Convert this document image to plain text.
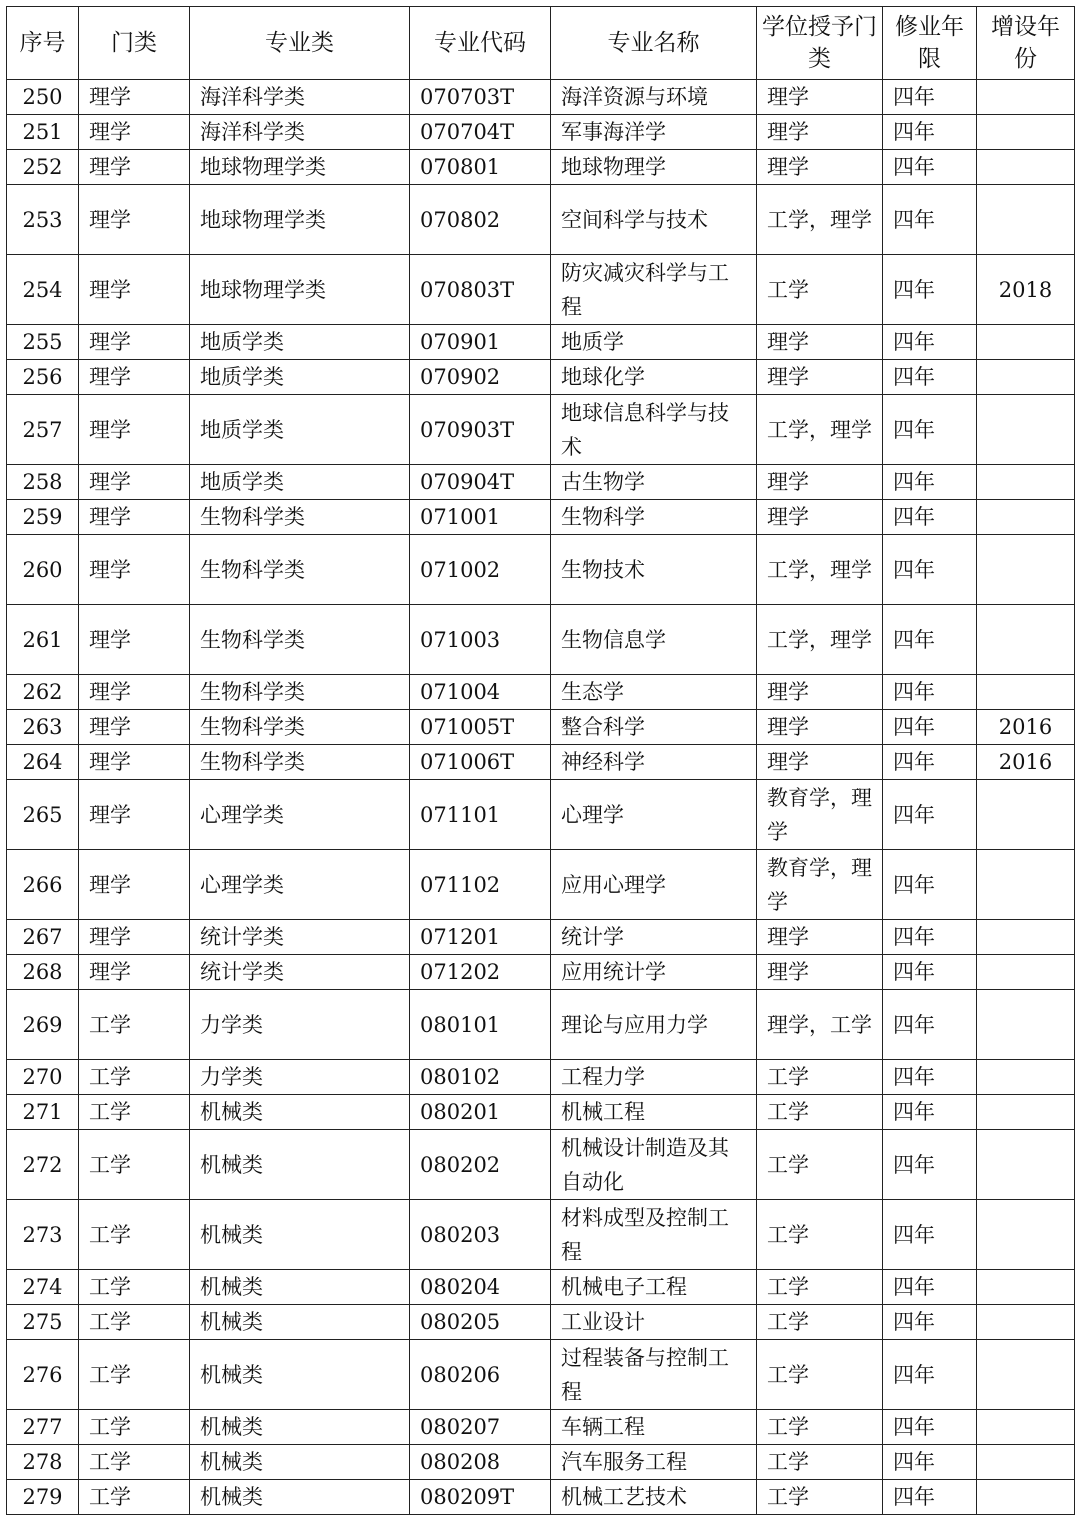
序号	门类	专业类	专业代码	专业名称	学位授予门类	修业年限	增设年份
250	理学	海洋科学类	070703T	海洋资源与环境	理学	四年	
251	理学	海洋科学类	070704T	军事海洋学	理学	四年	
252	理学	地球物理学类	070801	地球物理学	理学	四年	
253	理学	地球物理学类	070802	空间科学与技术	工学，理学	四年	
254	理学	地球物理学类	070803T	防灾减灾科学与工程	工学	四年	2018
255	理学	地质学类	070901	地质学	理学	四年	
256	理学	地质学类	070902	地球化学	理学	四年	
257	理学	地质学类	070903T	地球信息科学与技术	工学，理学	四年	
258	理学	地质学类	070904T	古生物学	理学	四年	
259	理学	生物科学类	071001	生物科学	理学	四年	
260	理学	生物科学类	071002	生物技术	工学，理学	四年	
261	理学	生物科学类	071003	生物信息学	工学，理学	四年	
262	理学	生物科学类	071004	生态学	理学	四年	
263	理学	生物科学类	071005T	整合科学	理学	四年	2016
264	理学	生物科学类	071006T	神经科学	理学	四年	2016
265	理学	心理学类	071101	心理学	教育学，理学	四年	
266	理学	心理学类	071102	应用心理学	教育学，理学	四年	
267	理学	统计学类	071201	统计学	理学	四年	
268	理学	统计学类	071202	应用统计学	理学	四年	
269	工学	力学类	080101	理论与应用力学	理学，工学	四年	
270	工学	力学类	080102	工程力学	工学	四年	
271	工学	机械类	080201	机械工程	工学	四年	
272	工学	机械类	080202	机械设计制造及其自动化	工学	四年	
273	工学	机械类	080203	材料成型及控制工程	工学	四年	
274	工学	机械类	080204	机械电子工程	工学	四年	
275	工学	机械类	080205	工业设计	工学	四年	
276	工学	机械类	080206	过程装备与控制工程	工学	四年	
277	工学	机械类	080207	车辆工程	工学	四年	
278	工学	机械类	080208	汽车服务工程	工学	四年	
279	工学	机械类	080209T	机械工艺技术	工学	四年	
